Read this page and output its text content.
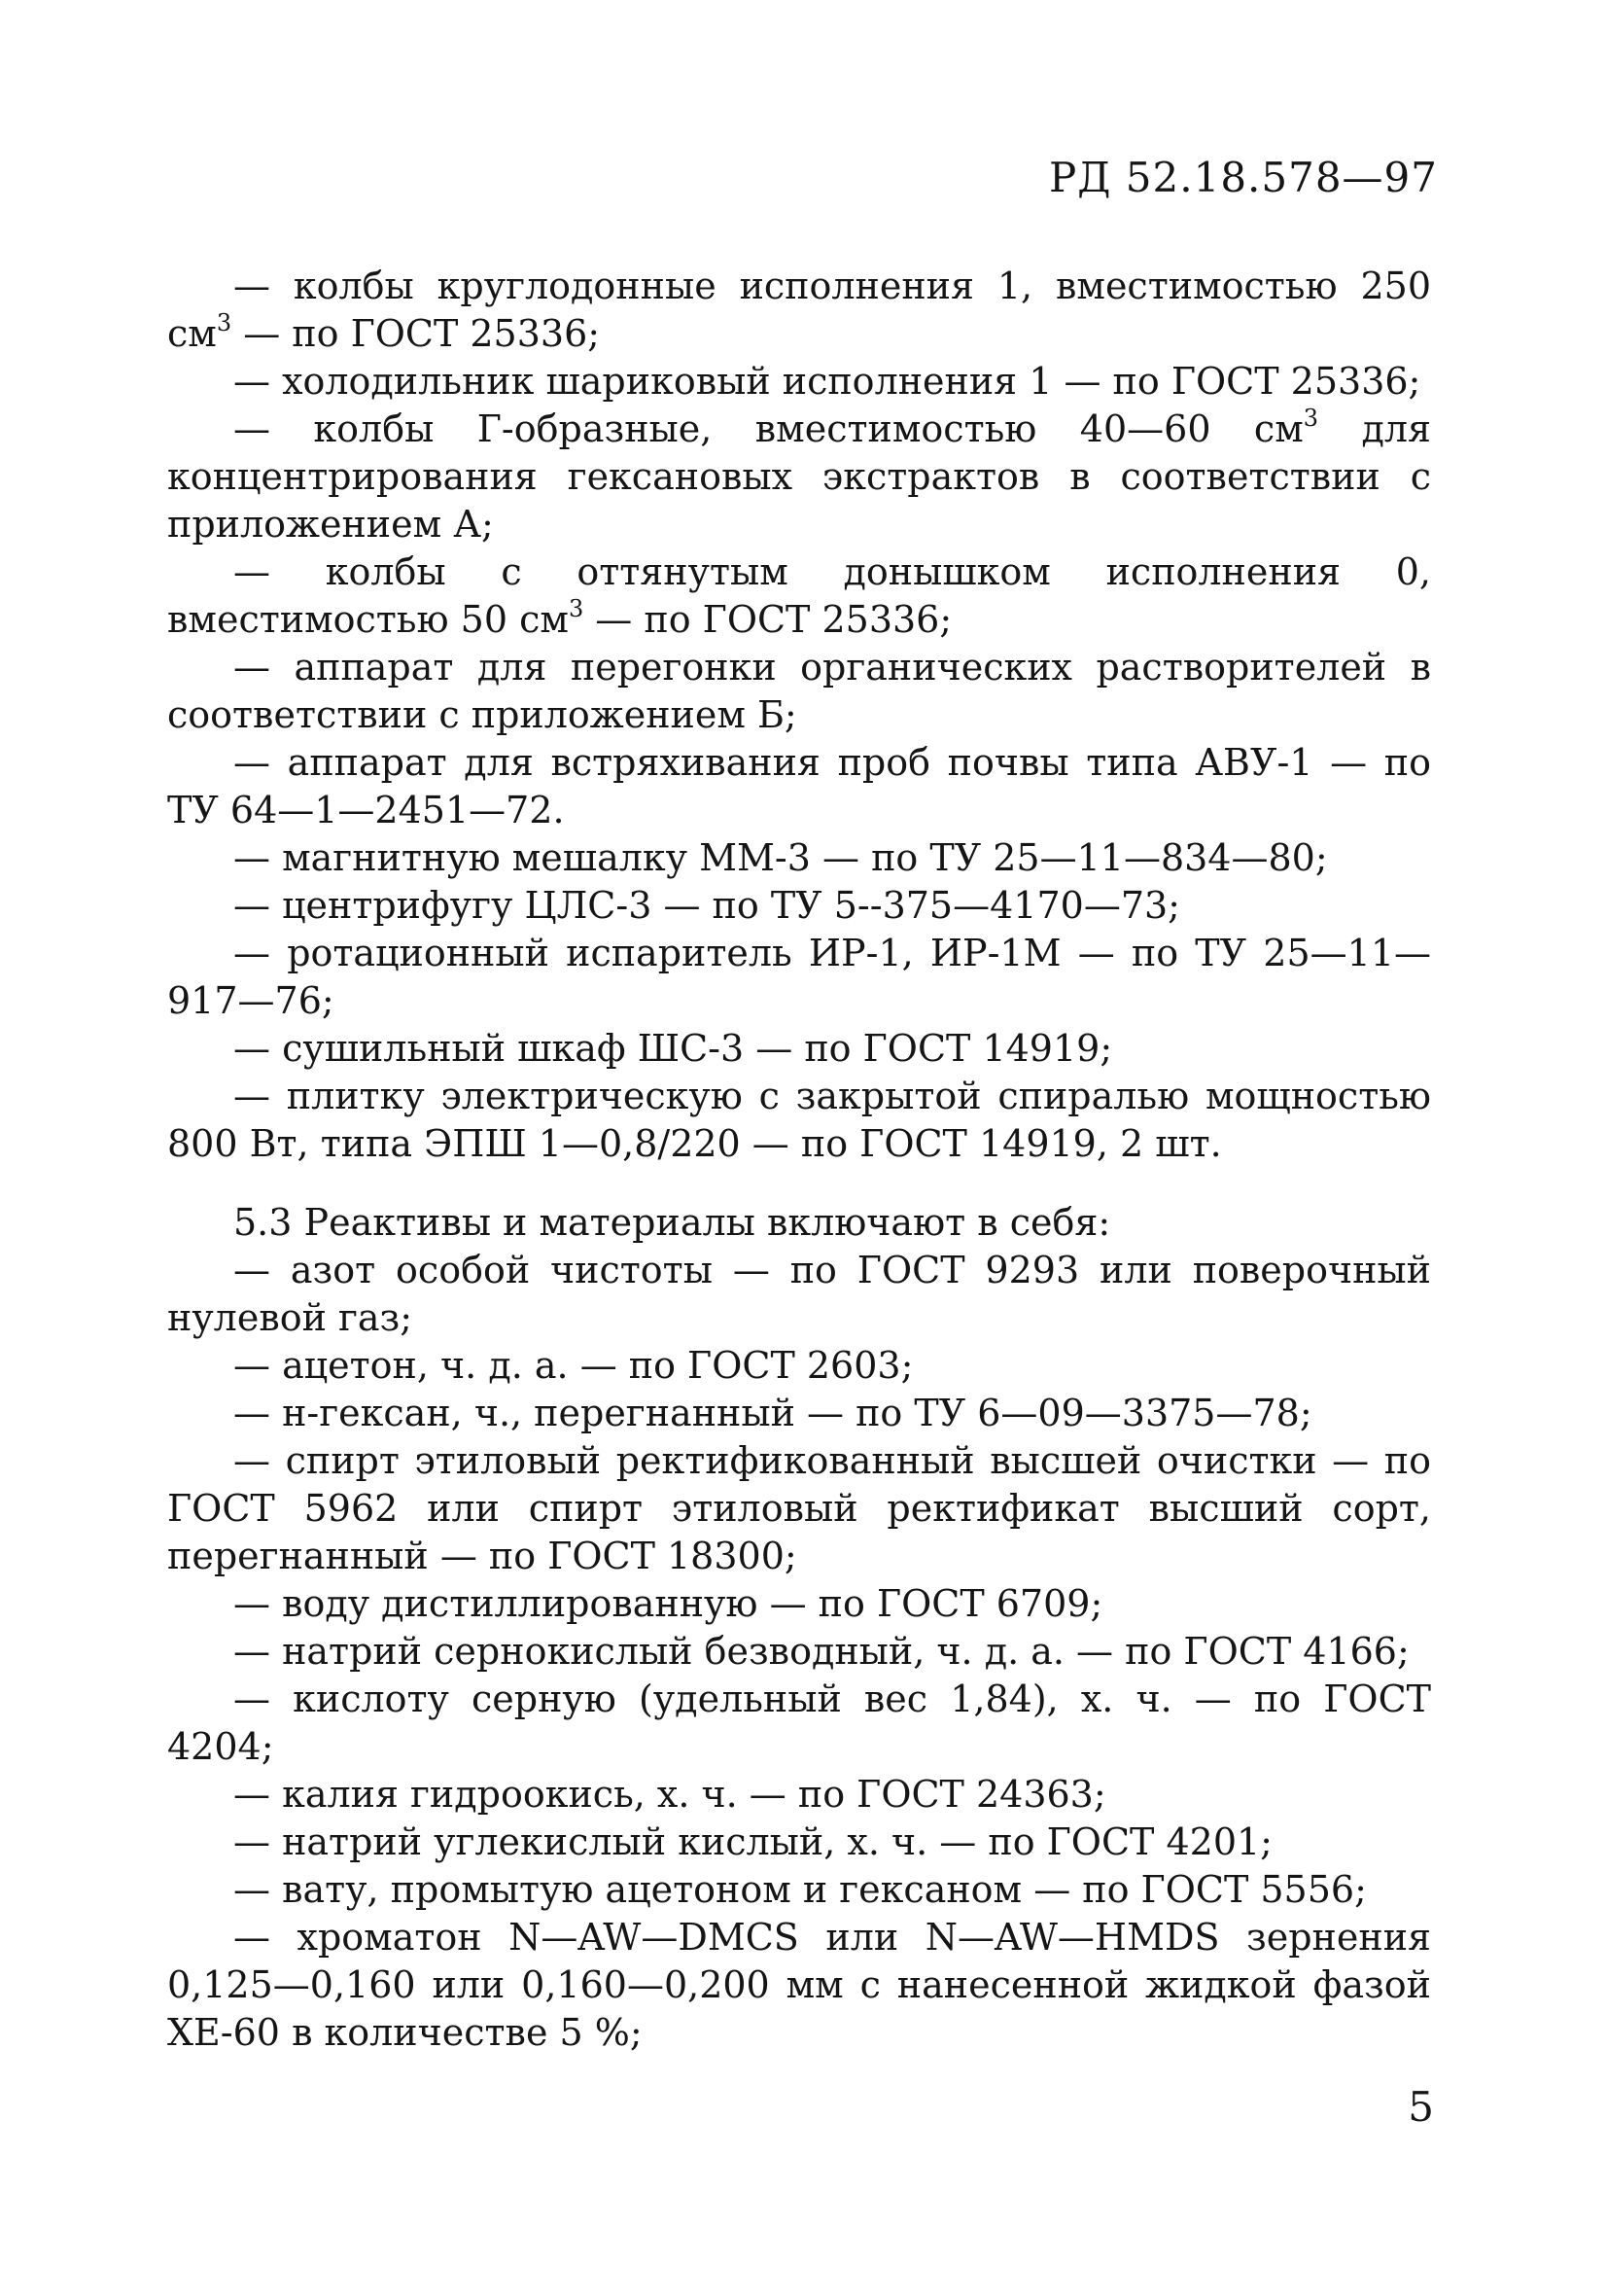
РД 52.18.578—97

— колбы круглодонные исполнения 1, вместимостью 250 $см^3$ — по ГОСТ 25336;

— холодильник шариковый исполнения 1 — по ГОСТ 25336;

— колбы Г-образные, вместимостью 40—60 $см^3$ для концентрирования гексановых экстрактов в соответствии с приложением А;

— колбы с оттянутым донышком исполнения 0, вместимостью 50 $см^3$ — по ГОСТ 25336;

— аппарат для перегонки органических растворителей в соответствии с приложением Б;

— аппарат для встряхивания проб почвы типа АВУ-1 — по ТУ 64—1—2451—72.

— магнитную мешалку ММ-3 — по ТУ 25—11—834—80;

— центрифугу ЦЛС-3 — по ТУ 5--375—4170—73;

— ротационный испаритель ИР-1, ИР-1М — по ТУ 25—11—917—76;

— сушильный шкаф ШС-3 — по ГОСТ 14919;

— плитку электрическую с закрытой спиралью мощностью 800 Вт, типа ЭПШ 1—0,8/220 — по ГОСТ 14919, 2 шт.

5.3 Реактивы и материалы включают в себя:

— азот особой чистоты — по ГОСТ 9293 или поверочный нулевой газ;

— ацетон, ч. д. а. — по ГОСТ 2603;

— н-гексан, ч., перегнанный — по ТУ 6—09—3375—78;

— спирт этиловый ректификованный высшей очистки — по ГОСТ 5962 или спирт этиловый ректификат высший сорт, перегнанный — по ГОСТ 18300;

— воду дистиллированную — по ГОСТ 6709;

— натрий сернокислый безводный, ч. д. а. — по ГОСТ 4166;

— кислоту серную (удельный вес 1,84), х. ч. — по ГОСТ 4204;

— калия гидроокись, х. ч. — по ГОСТ 24363;

— натрий углекислый кислый, х. ч. — по ГОСТ 4201;

— вату, промытую ацетоном и гексаном — по ГОСТ 5556;

— хроматон N—AW—DMCS или N—AW—HMDS зернения 0,125—0,160 или 0,160—0,200 мм с нанесенной жидкой фазой ХЕ-60 в количестве 5 %;

5
